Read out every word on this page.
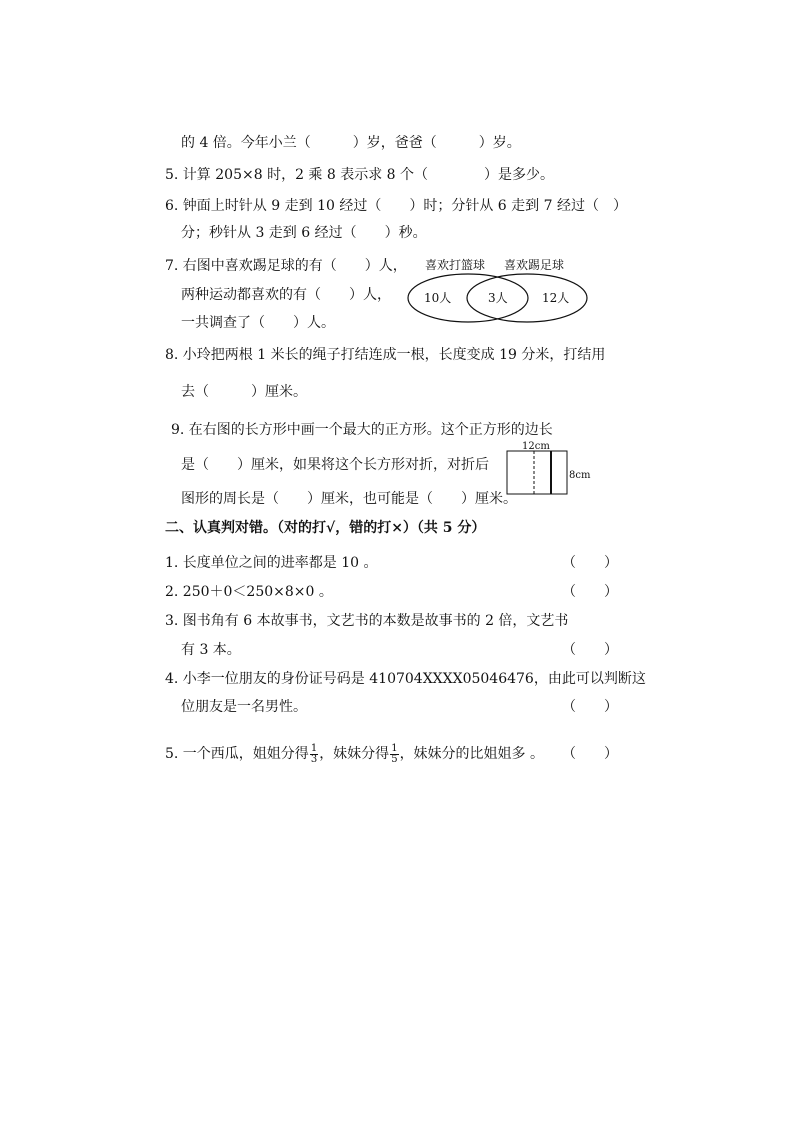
的 4 倍。今年小兰（　　　）岁，爸爸（　　　）岁。
5. 计算 205×8 时，2 乘 8 表示求 8 个（　　　　）是多少。
6. 钟面上时针从 9 走到 10 经过（　　）时；分针从 6 走到 7 经过（　）
分；秒针从 3 走到 6 经过（　　）秒。
7. 右图中喜欢踢足球的有（　　）人，
两种运动都喜欢的有（　　）人，
一共调查了（　　）人。
喜欢打篮球 喜欢踢足球
10人	3人	12人
8. 小玲把两根 1 米长的绳子打结连成一根，长度变成 19 分米，打结用
去（　　　）厘米。
9. 在右图的长方形中画一个最大的正方形。这个正方形的边长
是（　　）厘米，如果将这个长方形对折，对折后
图形的周长是（　　）厘米，也可能是（　　）厘米。
12cm
8cm
二、认真判对错。（对的打√，错的打×）（共 5 分）
1. 长度单位之间的进率都是 10 。	（　　）
2. 250＋0＜250×8×0 。	（　　）
3. 图书角有 6 本故事书，文艺书的本数是故事书的 2 倍，文艺书
有 3 本。	（　　）
4. 小李一位朋友的身份证号码是 410704XXXX05046476，由此可以判断这
位朋友是一名男性。	（　　）
5. 一个西瓜，姐姐分得 $\frac{1}{3}$ ，妹妹分得 $\frac{1}{5}$ ，妹妹分的比姐姐多 。 （　　）
